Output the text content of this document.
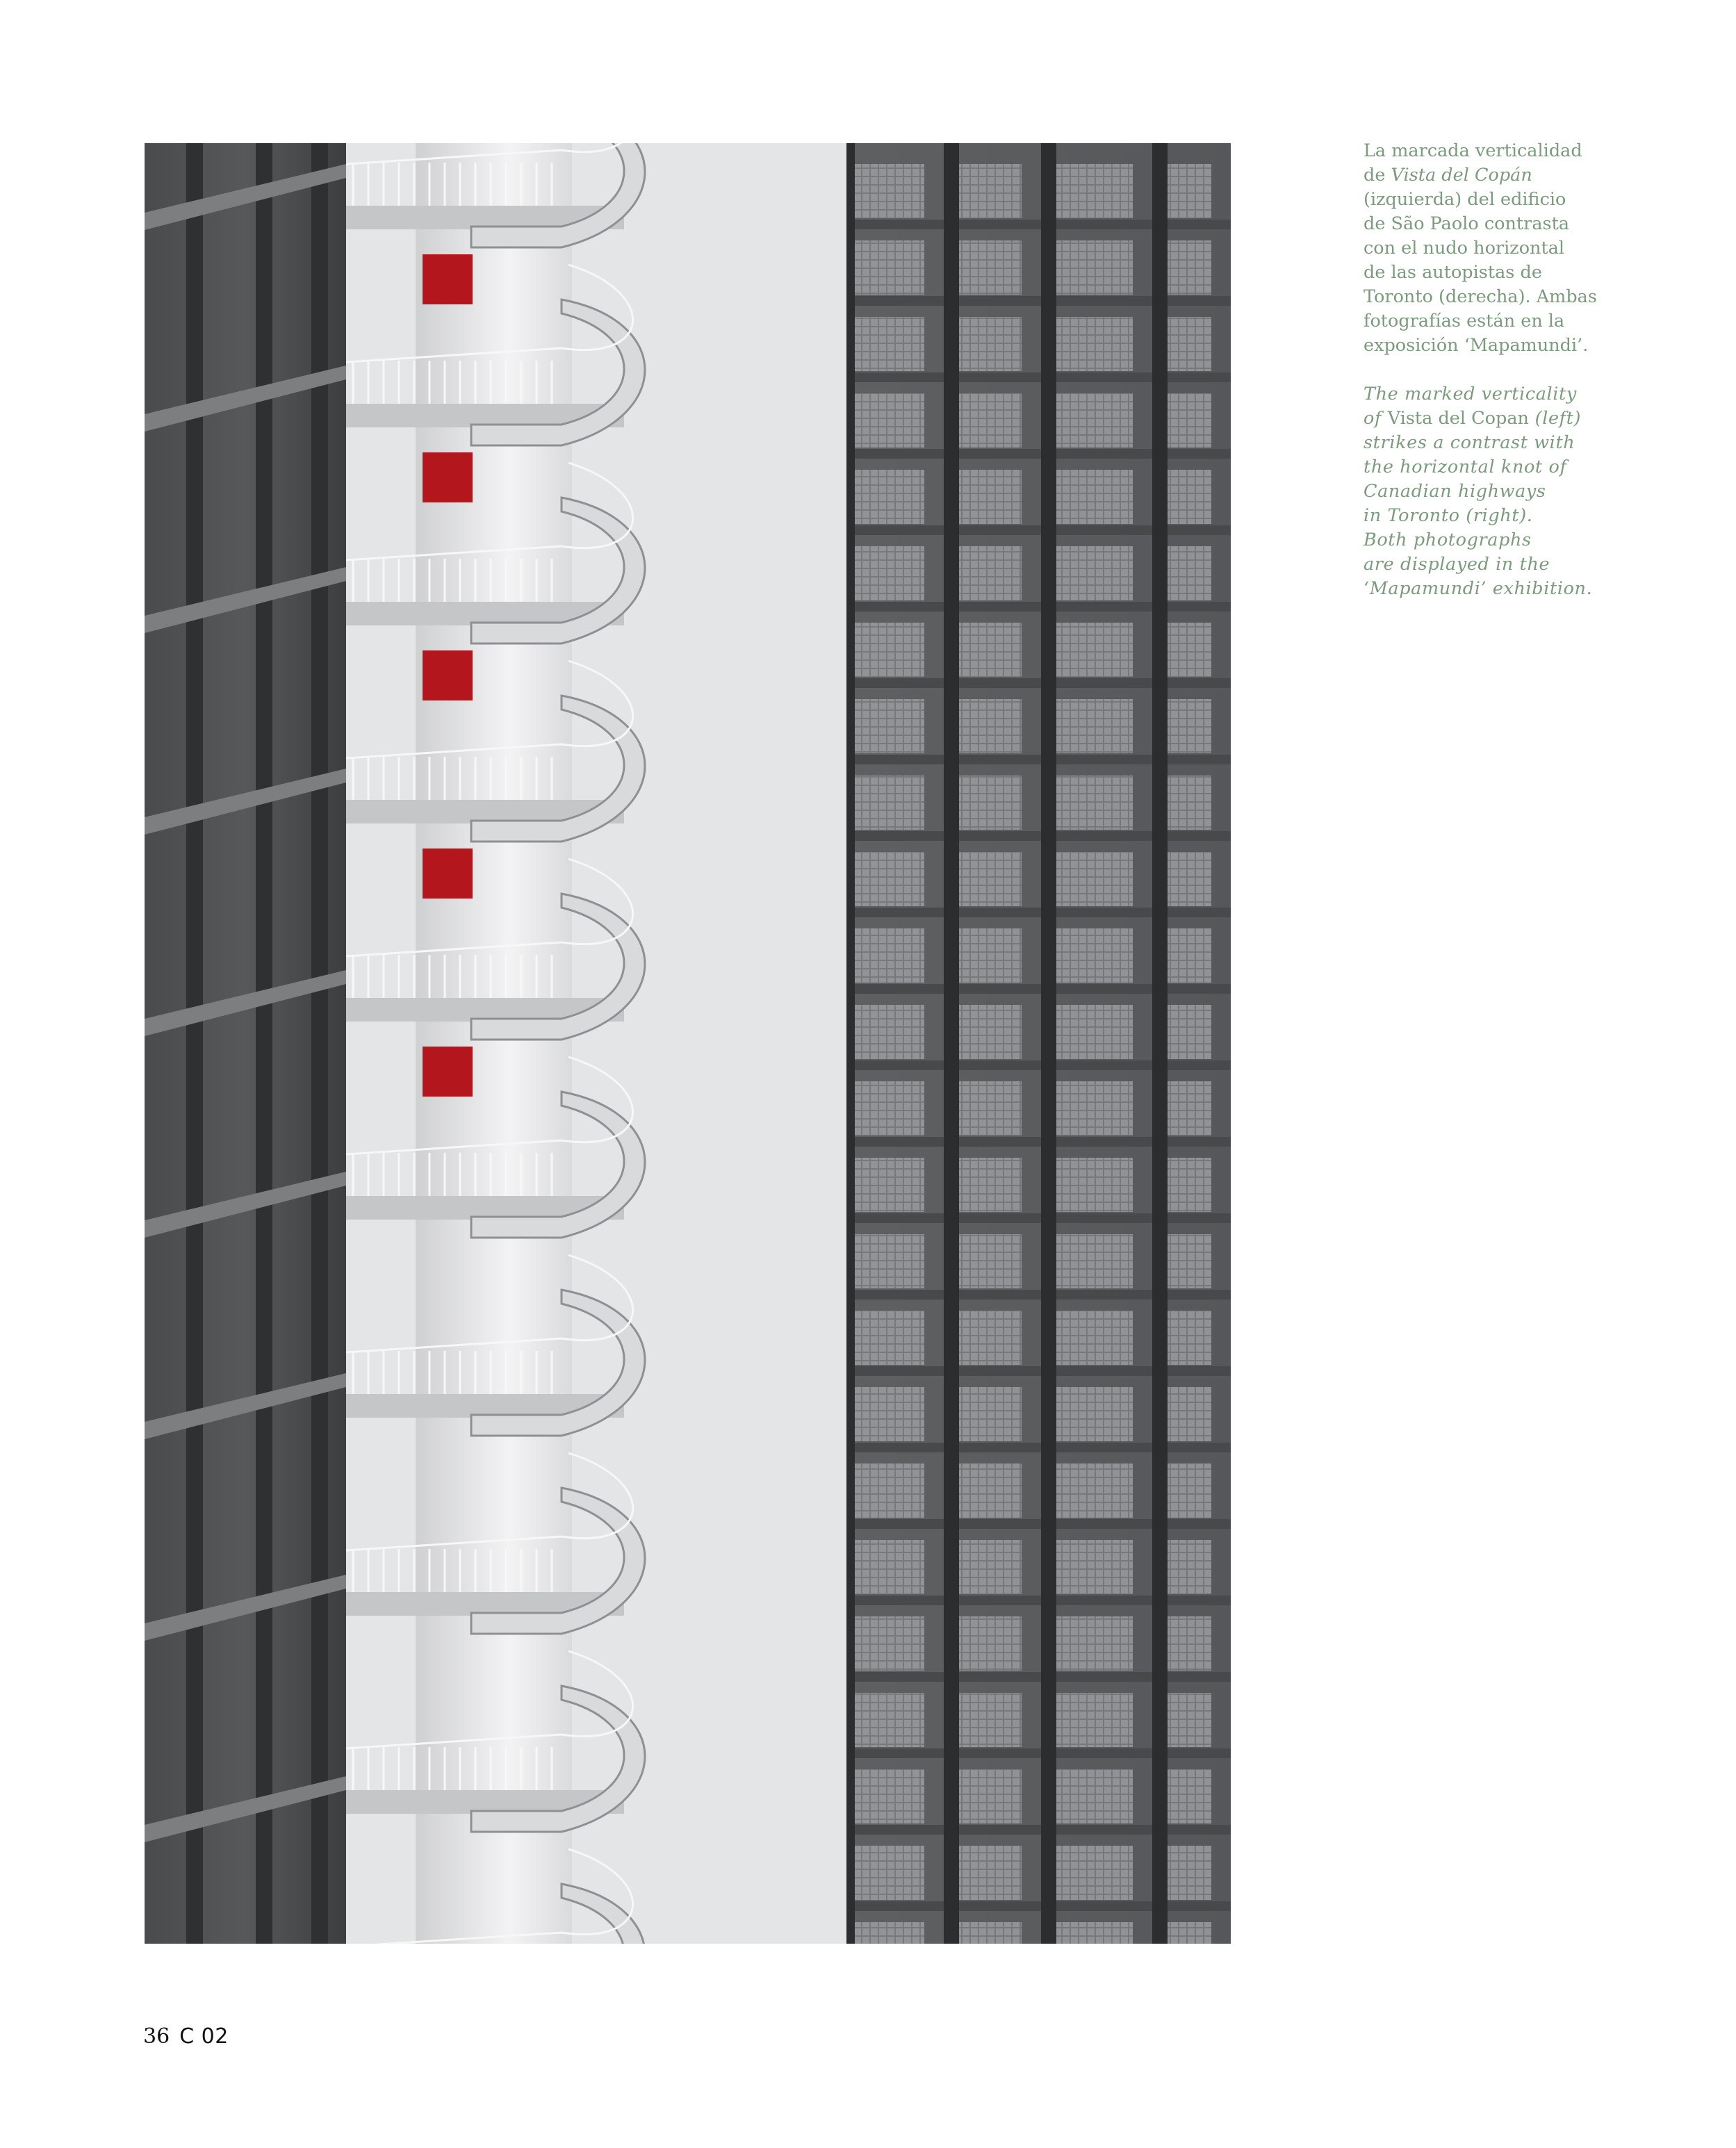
La marcada verticalidad
de Vista del Copán
(izquierda) del edificio
de São Paolo contrasta
con el nudo horizontal
de las autopistas de
Toronto (derecha). Ambas
fotografías están en la
exposición ‘Mapamundi’.

The marked verticality
of Vista del Copan (left)
strikes a contrast with
the horizontal knot of
Canadian highways
in Toronto (right).
Both photographs
are displayed in the
‘Mapamundi’ exhibition.

36 C 02
